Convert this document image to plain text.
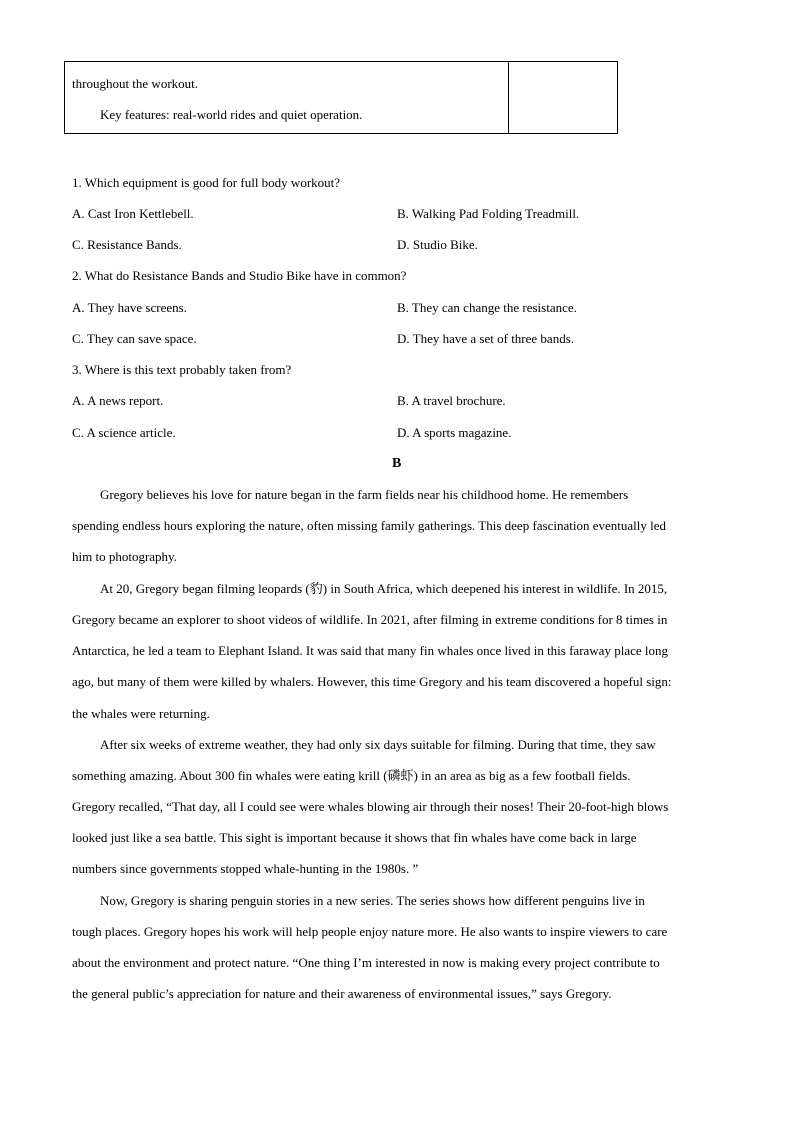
throughout the workout.
Key features: real-world rides and quiet operation.
1. Which equipment is good for full body workout?
A. Cast Iron Kettlebell.	B. Walking Pad Folding Treadmill.
C. Resistance Bands.	D. Studio Bike.
2. What do Resistance Bands and Studio Bike have in common?
A. They have screens.	B. They can change the resistance.
C. They can save space.	D. They have a set of three bands.
3. Where is this text probably taken from?
A. A news report.	B. A travel brochure.
C. A science article.	D. A sports magazine.
B
Gregory believes his love for nature began in the farm fields near his childhood home. He remembers
spending endless hours exploring the nature, often missing family gatherings. This deep fascination eventually led
him to photography.
At 20, Gregory began filming leopards (豹) in South Africa, which deepened his interest in wildlife. In 2015,
Gregory became an explorer to shoot videos of wildlife. In 2021, after filming in extreme conditions for 8 times in
Antarctica, he led a team to Elephant Island. It was said that many fin whales once lived in this faraway place long
ago, but many of them were killed by whalers. However, this time Gregory and his team discovered a hopeful sign:
the whales were returning.
After six weeks of extreme weather, they had only six days suitable for filming. During that time, they saw
something amazing. About 300 fin whales were eating krill (磷虾) in an area as big as a few football fields.
Gregory recalled, “That day, all I could see were whales blowing air through their noses! Their 20-foot-high blows
looked just like a sea battle. This sight is important because it shows that fin whales have come back in large
numbers since governments stopped whale-hunting in the 1980s. ”
Now, Gregory is sharing penguin stories in a new series. The series shows how different penguins live in
tough places. Gregory hopes his work will help people enjoy nature more. He also wants to inspire viewers to care
about the environment and protect nature. “One thing I’m interested in now is making every project contribute to
the general public’s appreciation for nature and their awareness of environmental issues,” says Gregory.
